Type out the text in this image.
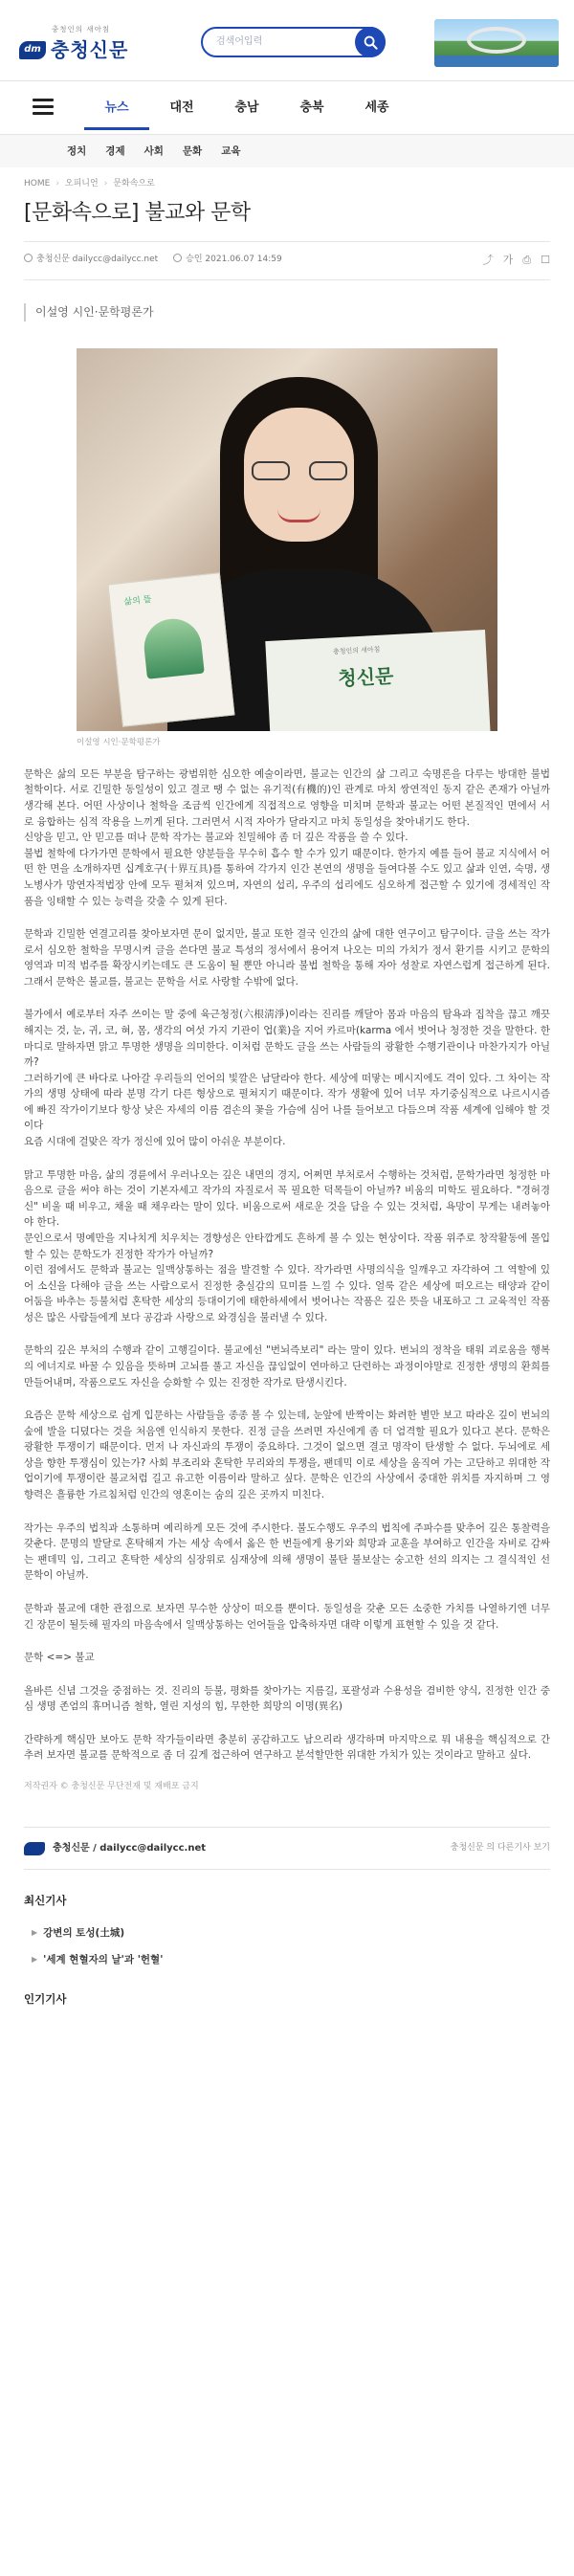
충청인의 새아침
dm 충청신문	검색어입력
뉴스	대전	충남	충북	세종
정치 경제 사회 문화 교육
HOME › 오피니언 › 문화속으로
[문화속으로] 불교와 문학
충청신문 dailycc@dailycc.net	승인 2021.06.07 14:59	⤴ 가 ⎙ ☐
이설영 시인·문학평론가
충청인의 새아침
청신문
삶의 뜰
이설영 시인·문학평론가

문학은 삶의 모든 부분을 탐구하는 광범위한 심오한 예술이라면, 불교는 인간의 삶 그리고 숙명론을 다루는 방대한 불법 철학이다. 서로 긴밀한 동일성이 있고 결코 땡 수 없는 유기적(有機的)인 관계로 마치 쌍연적인 동지 같은 존재가 아닐까 생각해 본다. 어떤 사상이나 철학을 조금씩 인간에게 직접적으로 영향을 미치며 문학과 불교는 어떤 본질적인 면에서 서로 융합하는 심적 작용을 느끼게 된다. 그러면서 시적 자아가 달라지고 마치 동일성을 찾아내기도 한다.

신앙을 믿고, 안 믿고를 떠나 문학 작가는 불교와 친밀해야 좀 더 깊은 작품을 쓸 수 있다.

불법 철학에 다가가면 문학에서 필요한 양분들을 무수히 흡수 할 수가 있기 때문이다. 한가지 예를 들어 불교 지식에서 어떤 한 면을 소개하자면 십계호구(十界互具)를 통하여 각가지 인간 본연의 생명을 들여다볼 수도 있고 삶과 인연, 숙명, 생노병사가 망연자적법장 안에 모두 펼쳐져 있으며, 자연의 섭리, 우주의 섭리에도 심오하게 접근할 수 있기에 경세적인 작품을 잉태할 수 있는 능력을 갖출 수 있게 된다.

문학과 긴밀한 연결고리를 찾아보자면 문이 없지만, 불교 또한 결국 인간의 삶에 대한 연구이고 탐구이다. 글을 쓰는 작가로서 심오한 철학을 무명시켜 글을 쓴다면 불교 특성의 정서에서 용어져 나오는 미의 가치가 정서 환기를 시키고 문학의 영역과 미적 범주를 확장시키는데도 큰 도움이 될 뿐만 아니라 불법 철학을 통해 자아 성찰로 자연스럽게 접근하게 된다. 그래서 문학은 불교를, 불교는 문학을 서로 사랑할 수밖에 없다.

불가에서 예로부터 자주 쓰이는 말 중에 육근청정(六根淸淨)이라는 진리를 깨달아 몸과 마음의 탐욕과 집착을 끊고 깨끗해지는 것, 눈, 귀, 코, 혀, 몸, 생각의 여섯 가지 기관이 업(業)을 지어 카르마(karma 에서 벗어나 청정한 것을 말한다. 한마디로 말하자면 맑고 투명한 생명을 의미한다. 이처럼 문학도 글을 쓰는 사람들의 광활한 수행기관이나 마찬가지가 아닐까?

그러하기에 큰 바다로 나아갈 우리들의 언어의 빛깔은 남달라야 한다. 세상에 떠맣는 메시지에도 격이 있다. 그 차이는 작가의 생명 상태에 따라 분명 각기 다른 형상으로 펼쳐지기 때문이다. 작가 생활에 있어 너무 자기중심적으로 나르시시즘에 빠진 작가이기보다 항상 낮은 자세의 이름 겸손의 꽃을 가슴에 심어 나를 들어보고 다듬으며 작품 세계에 임해야 할 것이다

요즘 시대에 걸맞은 작가 정신에 있어 많이 아쉬운 부분이다.

맑고 투명한 마음, 삶의 경륜에서 우러나오는 깊은 내면의 경지, 어쩌면 부처로서 수행하는 것처럼, 문학가라면 청정한 마음으로 글을 써야 하는 것이 기본자세고 작가의 자질로서 꼭 필요한 덕목들이 아닐까? 비움의 미학도 필요하다. "경허경신" 비울 때 비우고, 채울 때 채우라는 말이 있다. 비움으로써 새로운 것을 담을 수 있는 것처럼, 욕망이 무게는 내려놓아야 한다.

문인으로서 명예만을 지나치게 치우치는 경향성은 안타깝게도 흔하게 볼 수 있는 현상이다. 작품 위주로 창작활동에 몰입할 수 있는 문학도가 진정한 작가가 아닐까?

이런 점에서도 문학과 불교는 일맥상통하는 점을 발견할 수 있다. 작가라면 사명의식을 일깨우고 자각하여 그 역할에 있어 소신을 다해야 글을 쓰는 사람으로서 진정한 충실감의 묘미를 느낄 수 있다. 얼룩 같은 세상에 떠오르는 태양과 같이 어둠을 바추는 등불처럼 혼탁한 세상의 등대이기에 태한하세에서 벗어나는 작품은 깊은 뜻을 내포하고 그 교육적인 작품성은 많은 사람들에게 보다 공감과 사랑으로 와경심을 불러낼 수 있다.

문학의 깊은 부처의 수행과 같이 고행길이다. 불교에선 "번뇌즉보리" 라는 말이 있다. 번뇌의 정착을 태워 괴로움을 행복의 에너지로 바꿀 수 있음을 뜻하며 고뇌를 풀고 자신을 끊임없이 연마하고 단련하는 과정이야말로 진정한 생명의 환희를 만들어내며, 작품으로도 자신을 승화할 수 있는 진정한 작가로 탄생시킨다.

요즘은 문학 세상으로 쉽게 입문하는 사람들을 종종 볼 수 있는데, 눈앞에 반짝이는 화려한 별만 보고 따라온 깊이 번뇌의 숲에 발을 디뎠다는 것을 처음엔 인식하지 못한다. 진정 글을 쓰려면 자신에게 좀 더 엄격할 필요가 있다고 본다. 문학은 광활한 투쟁이기 때문이다. 먼저 나 자신과의 투쟁이 중요하다. 그것이 없으면 결코 명작이 탄생할 수 없다. 두뇌에로 세상을 향한 투쟁심이 있는가? 사회 부조리와 혼탁한 무리와의 투쟁을, 팬데믹 이로 세상을 움직여 가는 고단하고 위대한 작업이기에 투쟁이란 불교처럼 길고 유고한 이름이라 말하고 싶다. 문학은 인간의 사상에서 중대한 위치를 자지하며 그 영향력은 흘륭한 가르침처럼 인간의 영혼이는 숨의 깊은 곳까지 미친다.

작가는 우주의 법칙과 소통하며 예리하게 모든 것에 주시한다. 불도수행도 우주의 법칙에 주파수를 맞추어 깊은 통찰력을 갖춘다. 문명의 발달로 혼탁해져 가는 세상 속에서 옳은 한 번들에게 용기와 희망과 교훈을 부여하고 인간을 자비로 감싸는 팬데믹 임, 그리고 혼탁한 세상의 심장위로 심재상에 의해 생명이 불탄 불보살는 숭고한 선의 의지는 그 결식적인 선 문학이 아닐까.

문학과 불교에 대한 관점으로 보자면 무수한 상상이 떠오를 뿐이다. 동일성을 갖춘 모든 소중한 가치를 나열하기엔 너무 긴 장문이 될듯해 필자의 마음속에서 일맥상통하는 언어들을 압축하자면 대략 이렇게 표현할 수 있을 것 같다.

문학 <=> 불교

올바른 신념 그것을 중점하는 것. 진리의 등불, 평화를 찾아가는 지름길, 포괄성과 수용성을 겸비한 양식, 진정한 인간 중심 생명 존엄의 휴머니즘 철학, 열린 지성의 힘, 무한한 희망의 이명(異名)

간략하게 핵심만 보아도 문학 작가들이라면 충분히 공감하고도 남으리라 생각하며 마지막으로 뭐 내용을 핵심적으로 간추려 보자면 불교를 문학적으로 좀 더 깊게 접근하여 연구하고 분석할만한 위대한 가치가 있는 것이라고 말하고 싶다.

저작권자 © 충청신문 무단전재 및 재배포 금지
충청신문 / dailycc@dailycc.net	충청신문 의 다른기사 보기
최신기사
▶ 강변의 토성(土城)
▶ '세계 현혈자의 날'과 '헌혈'
인기기사
